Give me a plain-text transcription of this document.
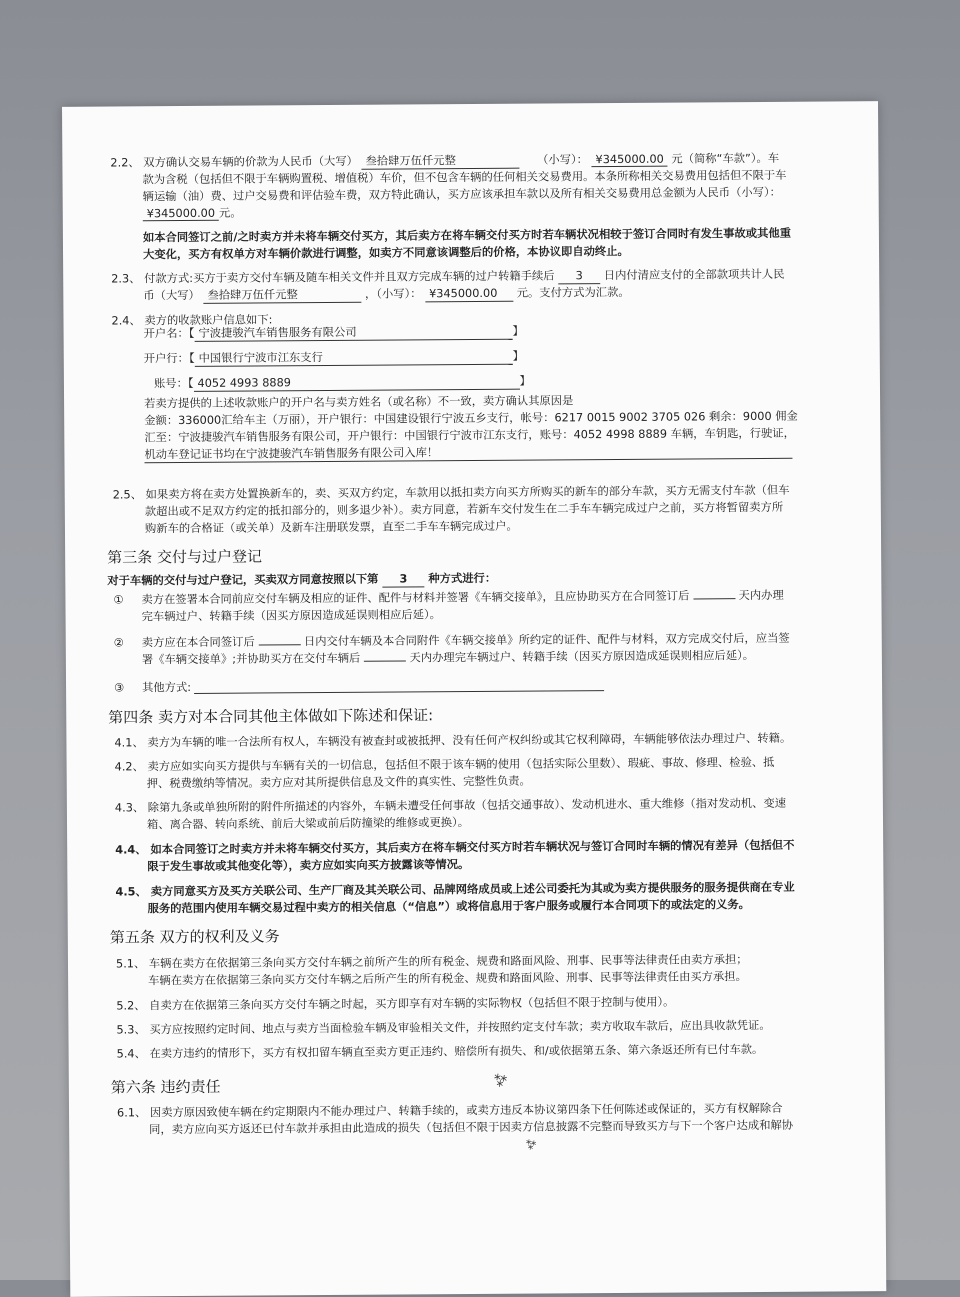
2.2、 双方确认交易车辆的价款为人民币（大写） 叁拾肆万伍仟元整	（小写）： ¥345000.00 元（简称“车款”）。车
款为含税（包括但不限于车辆购置税、增值税）车价，但不包含车辆的任何相关交易费用。本条所称相关交易费用包括但不限于车
辆运输（油）费、过户交易费和评估验车费，双方特此确认，买方应该承担车款以及所有相关交易费用总金额为人民币（小写）：
¥345000.00 元。
如本合同签订之前/之时卖方并未将车辆交付买方，其后卖方在将车辆交付买方时若车辆状况相较于签订合同时有发生事故或其他重
大变化，买方有权单方对车辆价款进行调整，如卖方不同意该调整后的价格，本协议即自动终止。
2.3、 付款方式:买方于卖方交付车辆及随车相关文件并且双方完成车辆的过户转籍手续后 3 日内付清应支付的全部款项共计人民
币（大写） 叁拾肆万伍仟元整	，（小写）： ¥345000.00 元。支付方式为汇款。
2.4、 卖方的收款账户信息如下:
开户名：【 宁波捷骏汽车销售服务有限公司	】
开户行：【 中国银行宁波市江东支行	】
账号：【 4052 4993 8889	】
若卖方提供的上述收款账户的开户名与卖方姓名（或名称）不一致，卖方确认其原因是
金额：336000汇给车主（万丽），开户银行：中国建设银行宁波五乡支行，帐号：6217 0015 9002 3705 026 剩余：9000 佣金
汇至：宁波捷骏汽车销售服务有限公司，开户银行：中国银行宁波市江东支行，账号：4052 4998 8889 车辆，车钥匙，行驶证，
机动车登记证书均在宁波捷骏汽车销售服务有限公司入库！
2.5、 如果卖方将在卖方处置换新车的，卖、买双方约定，车款用以抵扣卖方向买方所购买的新车的部分车款，买方无需支付车款（但车
款超出或不足双方约定的抵扣部分的，则多退少补）。卖方同意，若新车交付发生在二手车车辆完成过户之前，买方将暂留卖方所
购新车的合格证（或关单）及新车注册联发票，直至二手车车辆完成过户。
第三条 交付与过户登记
对于车辆的交付与过户登记，买卖双方同意按照以下第 3 种方式进行：
① 卖方在签署本合同前应交付车辆及相应的证件、配件与材料并签署《车辆交接单》，且应协助买方在合同签订后	天内办理
完车辆过户、转籍手续（因买方原因造成延误则相应后延）。
② 卖方应在本合同签订后	日内交付车辆及本合同附件《车辆交接单》所约定的证件、配件与材料，双方完成交付后，应当签
署《车辆交接单》;并协助买方在交付车辆后	天内办理完车辆过户、转籍手续（因买方原因造成延误则相应后延）。
③ 其他方式:
第四条 卖方对本合同其他主体做如下陈述和保证:
4.1、 卖方为车辆的唯一合法所有权人，车辆没有被查封或被抵押、没有任何产权纠纷或其它权利障碍，车辆能够依法办理过户、转籍。
4.2、 卖方应如实向买方提供与车辆有关的一切信息，包括但不限于该车辆的使用（包括实际公里数）、瑕疵、事故、修理、检验、抵
押、税费缴纳等情况。卖方应对其所提供信息及文件的真实性、完整性负责。
4.3、 除第九条或单独所附的附件所描述的内容外，车辆未遭受任何事故（包括交通事故）、发动机进水、重大维修（指对发动机、变速
箱、离合器、转向系统、前后大梁或前后防撞梁的维修或更换）。
4.4、 如本合同签订之时卖方并未将车辆交付买方，其后卖方在将车辆交付买方时若车辆状况与签订合同时车辆的情况有差异（包括但不
限于发生事故或其他变化等），卖方应如实向买方披露该等情况。
4.5、 卖方同意买方及买方关联公司、生产厂商及其关联公司、品牌网络成员或上述公司委托为其或为卖方提供服务的服务提供商在专业
服务的范围内使用车辆交易过程中卖方的相关信息（“信息”）或将信息用于客户服务或履行本合同项下的或法定的义务。
第五条 双方的权利及义务
5.1、 车辆在卖方在依据第三条向买方交付车辆之前所产生的所有税金、规费和路面风险、刑事、民事等法律责任由卖方承担；
车辆在卖方在依据第三条向买方交付车辆之后所产生的所有税金、规费和路面风险、刑事、民事等法律责任由买方承担。
5.2、 自卖方在依据第三条向买方交付车辆之时起，买方即享有对车辆的实际物权（包括但不限于控制与使用）。
5.3、 买方应按照约定时间、地点与卖方当面检验车辆及审验相关文件，并按照约定支付车款；卖方收取车款后，应出具收款凭证。
5.4、 在卖方违约的情形下，买方有权扣留车辆直至卖方更正违约、赔偿所有损失、和/或依据第五条、第六条返还所有已付车款。
第六条 违约责任	⁂
6.1、 因卖方原因致使车辆在约定期限内不能办理过户、转籍手续的，或卖方违反本协议第四条下任何陈述或保证的，买方有权解除合
同，卖方应向买方返还已付车款并承担由此造成的损失（包括但不限于因卖方信息披露不完整而导致买方与下一个客户达成和解协
⁂
